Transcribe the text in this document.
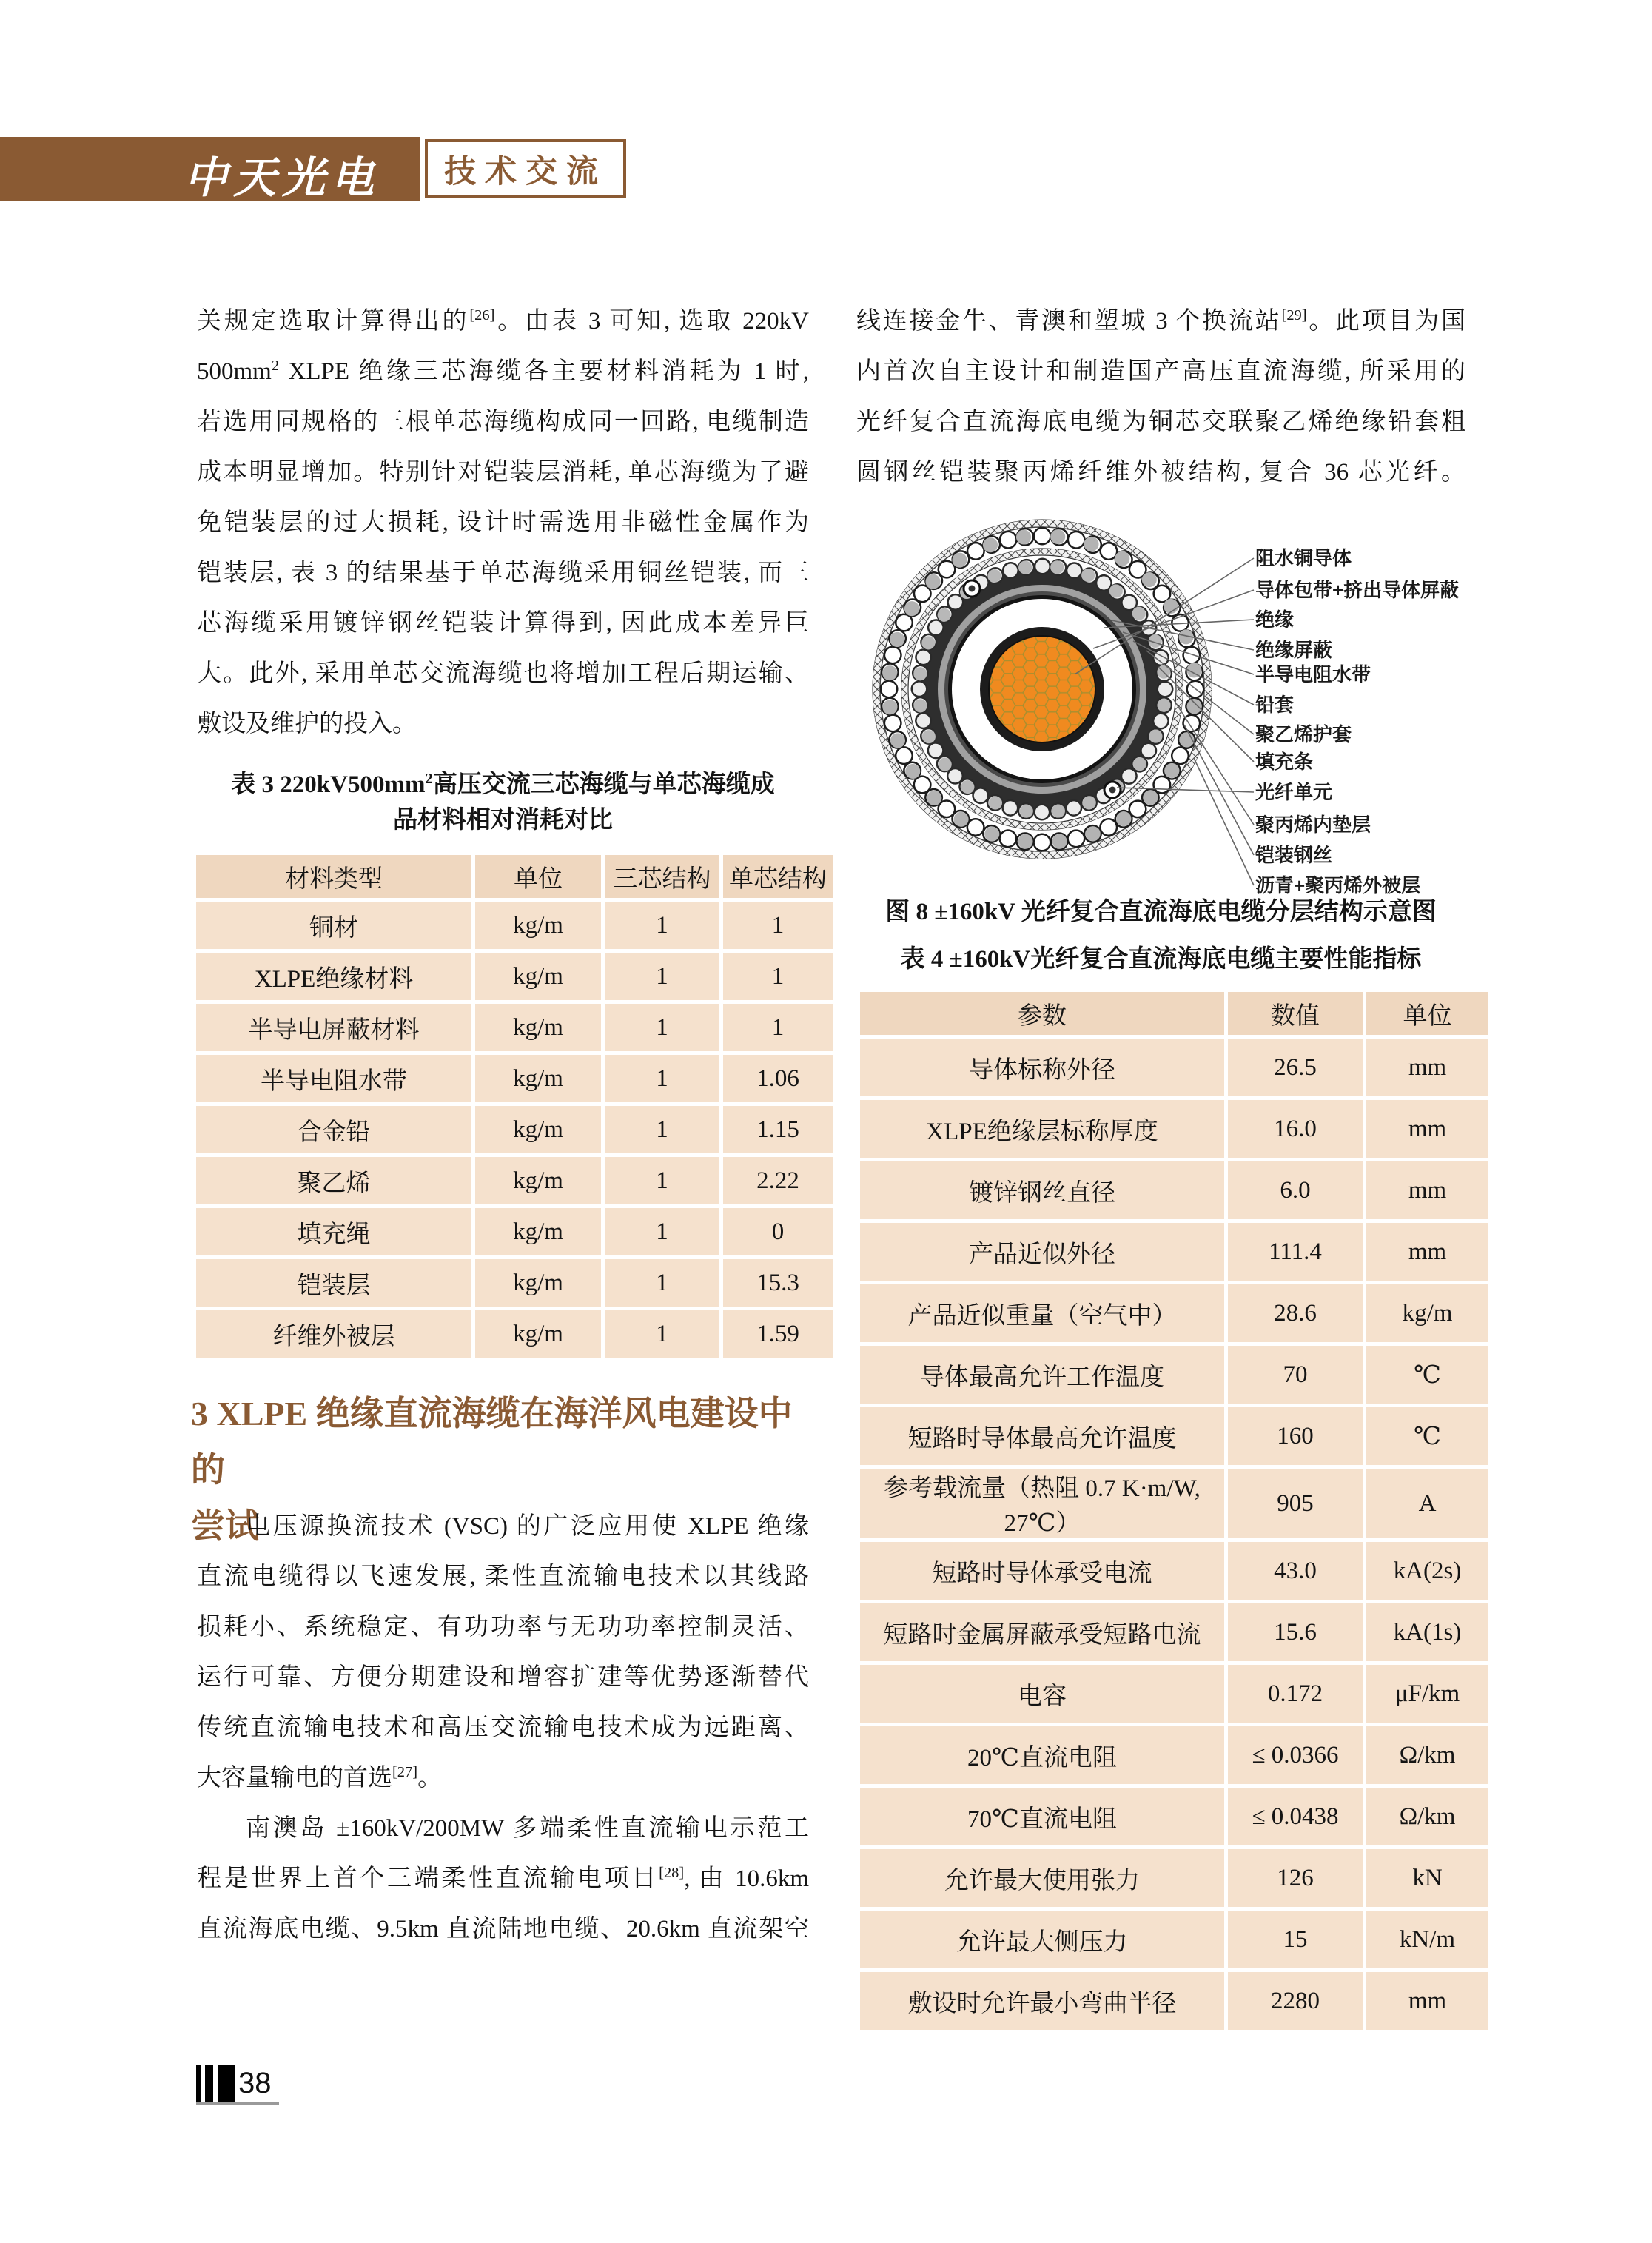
中天光电	技术交流
关规定选取计算得出的[26]。由表 3 可知, 选取 220kV
$500mm^2$ XLPE 绝缘三芯海缆各主要材料消耗为 1 时,
若选用同规格的三根单芯海缆构成同一回路, 电缆制造
成本明显增加。特别针对铠装层消耗, 单芯海缆为了避
免铠装层的过大损耗, 设计时需选用非磁性金属作为
铠装层, 表 3 的结果基于单芯海缆采用铜丝铠装, 而三
芯海缆采用镀锌钢丝铠装计算得到, 因此成本差异巨
大。此外, 采用单芯交流海缆也将增加工程后期运输、
敷设及维护的投入。
表 3 $220kV500mm^2$高压交流三芯海缆与单芯海缆成
品材料相对消耗对比
材料类型	单位	三芯结构	单芯结构
铜材	kg/m	1	1
XLPE绝缘材料	kg/m	1	1
半导电屏蔽材料	kg/m	1	1
半导电阻水带	kg/m	1	1.06
合金铅	kg/m	1	1.15
聚乙烯	kg/m	1	2.22
填充绳	kg/m	1	0
铠装层	kg/m	1	15.3
纤维外被层	kg/m	1	1.59
3 XLPE 绝缘直流海缆在海洋风电建设中的
尝试
电压源换流技术 (VSC) 的广泛应用使 XLPE 绝缘
直流电缆得以飞速发展, 柔性直流输电技术以其线路
损耗小、系统稳定、有功功率与无功功率控制灵活、
运行可靠、方便分期建设和增容扩建等优势逐渐替代
传统直流输电技术和高压交流输电技术成为远距离、
大容量输电的首选[27]。
南澳岛 ±160kV/200MW 多端柔性直流输电示范工
程是世界上首个三端柔性直流输电项目[28], 由 10.6km
直流海底电缆、9.5km 直流陆地电缆、20.6km 直流架空
线连接金牛、青澳和塑城 3 个换流站[29]。此项目为国
内首次自主设计和制造国产高压直流海缆, 所采用的
光纤复合直流海底电缆为铜芯交联聚乙烯绝缘铅套粗
圆钢丝铠装聚丙烯纤维外被结构, 复合 36 芯光纤。
阻水铜导体
导体包带+挤出导体屏蔽
绝缘
绝缘屏蔽
半导电阻水带
铅套
聚乙烯护套
填充条
光纤单元
聚丙烯内垫层
铠装钢丝
沥青+聚丙烯外被层
图 8 ±160kV 光纤复合直流海底电缆分层结构示意图
表 4 ±160kV光纤复合直流海底电缆主要性能指标
参数	数值	单位
导体标称外径	26.5	mm
XLPE绝缘层标称厚度	16.0	mm
镀锌钢丝直径	6.0	mm
产品近似外径	111.4	mm
产品近似重量（空气中）	28.6	kg/m
导体最高允许工作温度	70	℃
短路时导体最高允许温度	160	℃
参考载流量（热阻 0.7 K·m/W, 27℃）	905	A
短路时导体承受电流	43.0	kA(2s)
短路时金属屏蔽承受短路电流	15.6	kA(1s)
电容	0.172	μF/km
20℃直流电阻	≤ 0.0366	Ω/km
70℃直流电阻	≤ 0.0438	Ω/km
允许最大使用张力	126	kN
允许最大侧压力	15	kN/m
敷设时允许最小弯曲半径	2280	mm
38
